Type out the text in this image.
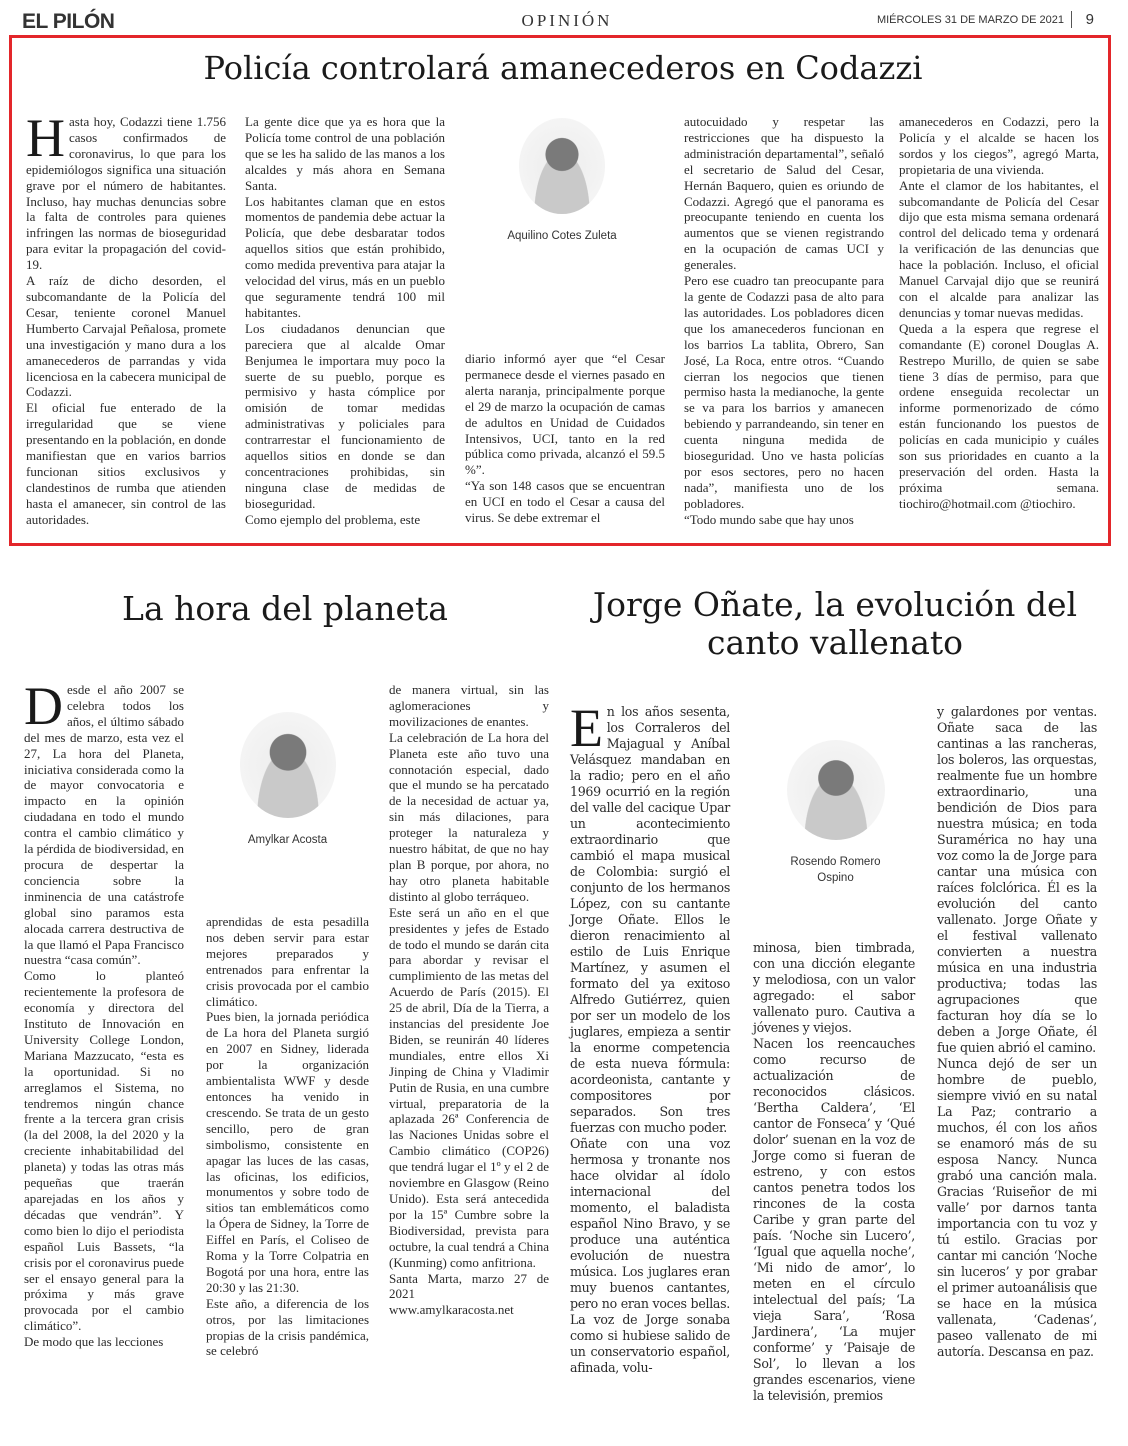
EL PILÓN	OPINIÓN	MIÉRCOLES 31 DE MARZO DE 2021	9
Policía controlará amanecederos en Codazzi
H asta hoy, Codazzi tiene 1.756 casos confirmados de coronavirus, lo que para los epidemiólogos significa una situación grave por el número de habitantes. Incluso, hay muchas denuncias sobre la falta de controles para quienes infringen las normas de bioseguridad para evitar la propagación del covid-19.

A raíz de dicho desorden, el subcomandante de la Policía del Cesar, teniente coronel Manuel Humberto Carvajal Peñalosa, promete una investigación y mano dura a los amanecederos de parrandas y vida licenciosa en la cabecera municipal de Codazzi.

El oficial fue enterado de la irregularidad que se viene presentando en la población, en donde manifiestan que en varios barrios funcionan sitios exclusivos y clandestinos de rumba que atienden hasta el amanecer, sin control de las autoridades.

La gente dice que ya es hora que la Policía tome control de una población que se les ha salido de las manos a los alcaldes y más ahora en Semana Santa.

Los habitantes claman que en estos momentos de pandemia debe actuar la Policía, que debe desbaratar todos aquellos sitios que están prohibido, como medida preventiva para atajar la velocidad del virus, más en un pueblo que seguramente tendrá 100 mil habitantes.

Los ciudadanos denuncian que pareciera que al alcalde Omar Benjumea le importara muy poco la suerte de su pueblo, porque es permisivo y hasta cómplice por omisión de tomar medidas administrativas y policiales para contrarrestar el funcionamiento de aquellos sitios en donde se dan concentraciones prohibidas, sin ninguna clase de medidas de bioseguridad.

Como ejemplo del problema, este

Aquilino Cotes Zuleta

diario informó ayer que “el Cesar permanece desde el viernes pasado en alerta naranja, principalmente porque el 29 de marzo la ocupación de camas de adultos en Unidad de Cuidados Intensivos, UCI, tanto en la red pública como privada, alcanzó el 59.5 %”.

“Ya son 148 casos que se encuentran en UCI en todo el Cesar a causa del virus. Se debe extremar el

autocuidado y respetar las restricciones que ha dispuesto la administración departamental”, señaló el secretario de Salud del Cesar, Hernán Baquero, quien es oriundo de Codazzi. Agregó que el panorama es preocupante teniendo en cuenta los aumentos que se vienen registrando en la ocupación de camas UCI y generales.

Pero ese cuadro tan preocupante para la gente de Codazzi pasa de alto para las autoridades. Los pobladores dicen que los amanecederos funcionan en los barrios La tablita, Obrero, San José, La Roca, entre otros. “Cuando cierran los negocios que tienen permiso hasta la medianoche, la gente se va para los barrios y amanecen bebiendo y parrandeando, sin tener en cuenta ninguna medida de bioseguridad. Uno ve hasta policías por esos sectores, pero no hacen nada”, manifiesta uno de los pobladores.

“Todo mundo sabe que hay unos

amanecederos en Codazzi, pero la Policía y el alcalde se hacen los sordos y los ciegos”, agregó Marta, propietaria de una vivienda.

Ante el clamor de los habitantes, el subcomandante de Policía del Cesar dijo que esta misma semana ordenará control del delicado tema y ordenará la verificación de las denuncias que hace la población. Incluso, el oficial Manuel Carvajal dijo que se reunirá con el alcalde para analizar las denuncias y tomar nuevas medidas.

Queda a la espera que regrese el comandante (E) coronel Douglas A. Restrepo Murillo, de quien se sabe tiene 3 días de permiso, para que ordene enseguida recolectar un informe pormenorizado de cómo están funcionando los puestos de policías en cada municipio y cuáles son sus prioridades en cuanto a la preservación del orden. Hasta la próxima semana. tiochiro@hotmail.com @tiochiro.

La hora del planeta
D esde el año 2007 se celebra todos los años, el último sábado del mes de marzo, esta vez el 27, La hora del Planeta, iniciativa considerada como la de mayor convocatoria e impacto en la opinión ciudadana en todo el mundo contra el cambio climático y la pérdida de biodiversidad, en procura de despertar la conciencia sobre la inminencia de una catástrofe global sino paramos esta alocada carrera destructiva de la que llamó el Papa Francisco nuestra “casa común”.

Como lo planteó recientemente la profesora de economía y directora del Instituto de Innovación en University College London, Mariana Mazzucato, “esta es la oportunidad. Si no arreglamos el Sistema, no tendremos ningún chance frente a la tercera gran crisis (la del 2008, la del 2020 y la creciente inhabitabilidad del planeta) y todas las otras más pequeñas que traerán aparejadas en los años y décadas que vendrán”. Y como bien lo dijo el periodista español Luis Bassets, “la crisis por el coronavirus puede ser el ensayo general para la próxima y más grave provocada por el cambio climático”.

De modo que las lecciones

Amylkar Acosta

aprendidas de esta pesadilla nos deben servir para estar mejores preparados y entrenados para enfrentar la crisis provocada por el cambio climático.

Pues bien, la jornada periódica de La hora del Planeta surgió en 2007 en Sidney, liderada por la organización ambientalista WWF y desde entonces ha venido in crescendo. Se trata de un gesto sencillo, pero de gran simbolismo, consistente en apagar las luces de las casas, las oficinas, los edificios, monumentos y sobre todo de sitios tan emblemáticos como la Ópera de Sidney, la Torre de Eiffel en París, el Coliseo de Roma y la Torre Colpatria en Bogotá por una hora, entre las 20:30 y las 21:30.

Este año, a diferencia de los otros, por las limitaciones propias de la crisis pandémica, se celebró

de manera virtual, sin las aglomeraciones y movilizaciones de enantes.

La celebración de La hora del Planeta este año tuvo una connotación especial, dado que el mundo se ha percatado de la necesidad de actuar ya, sin más dilaciones, para proteger la naturaleza y nuestro hábitat, de que no hay plan B porque, por ahora, no hay otro planeta habitable distinto al globo terráqueo.

Este será un año en el que presidentes y jefes de Estado de todo el mundo se darán cita para abordar y revisar el cumplimiento de las metas del Acuerdo de París (2015). El 25 de abril, Día de la Tierra, a instancias del presidente Joe Biden, se reunirán 40 líderes mundiales, entre ellos Xi Jinping de China y Vladimir Putin de Rusia, en una cumbre virtual, preparatoria de la aplazada 26ª Conferencia de las Naciones Unidas sobre el Cambio climático (COP26) que tendrá lugar el 1º y el 2 de noviembre en Glasgow (Reino Unido). Esta será antecedida por la 15ª Cumbre sobre la Biodiversidad, prevista para octubre, la cual tendrá a China (Kunming) como anfitriona.

Santa Marta, marzo 27 de 2021

www.amylkaracosta.net

Jorge Oñate, la evolución del canto vallenato
E n los años sesenta, los Corraleros del Majagual y Aníbal Velásquez mandaban en la radio; pero en el año 1969 ocurrió en la región del valle del cacique Upar un acontecimiento extraordinario que cambió el mapa musical de Colombia: surgió el conjunto de los hermanos López, con su cantante Jorge Oñate. Ellos le dieron renacimiento al estilo de Luis Enrique Martínez, y asumen el formato del ya exitoso Alfredo Gutiérrez, quien por ser un modelo de los juglares, empieza a sentir la enorme competencia de esta nueva fórmula: acordeonista, cantante y compositores por separados. Son tres fuerzas con mucho poder.

Oñate con una voz hermosa y tronante nos hace olvidar al ídolo internacional del momento, el baladista español Nino Bravo, y se produce una auténtica evolución de nuestra música. Los juglares eran muy buenos cantantes, pero no eran voces bellas. La voz de Jorge sonaba como si hubiese salido de un conservatorio español, afinada, volu-

Rosendo Romero
Ospino

minosa, bien timbrada, con una dicción elegante y melodiosa, con un valor agregado: el sabor vallenato puro. Cautiva a jóvenes y viejos.

Nacen los reencauches como recurso de actualización de reconocidos clásicos. ‘Bertha Caldera’, ‘El cantor de Fonseca’ y ‘Qué dolor’ suenan en la voz de Jorge como si fueran de estreno, y con estos cantos penetra todos los rincones de la costa Caribe y gran parte del país. ‘Noche sin Lucero’, ‘Igual que aquella noche’, ‘Mi nido de amor’, lo meten en el círculo intelectual del país; ‘La vieja Sara’, ‘Rosa Jardinera’, ‘La mujer conforme’ y ‘Paisaje de Sol’, lo llevan a los grandes escenarios, viene la televisión, premios

y galardones por ventas. Oñate saca de las cantinas a las rancheras, los boleros, las orquestas, realmente fue un hombre extraordinario, una bendición de Dios para nuestra música; en toda Suramérica no hay una voz como la de Jorge para cantar una música con raíces folclórica. Él es la evolución del canto vallenato. Jorge Oñate y el festival vallenato convierten a nuestra música en una industria productiva; todas las agrupaciones que facturan hoy día se lo deben a Jorge Oñate, él fue quien abrió el camino.

Nunca dejó de ser un hombre de pueblo, siempre vivió en su natal La Paz; contrario a muchos, él con los años se enamoró más de su esposa Nancy. Nunca grabó una canción mala. Gracias ‘Ruiseñor de mi valle’ por darnos tanta importancia con tu voz y tú estilo. Gracias por cantar mi canción ‘Noche sin luceros’ y por grabar el primer autoanálisis que se hace en la música vallenata, ‘Cadenas’, paseo vallenato de mi autoría. Descansa en paz.
